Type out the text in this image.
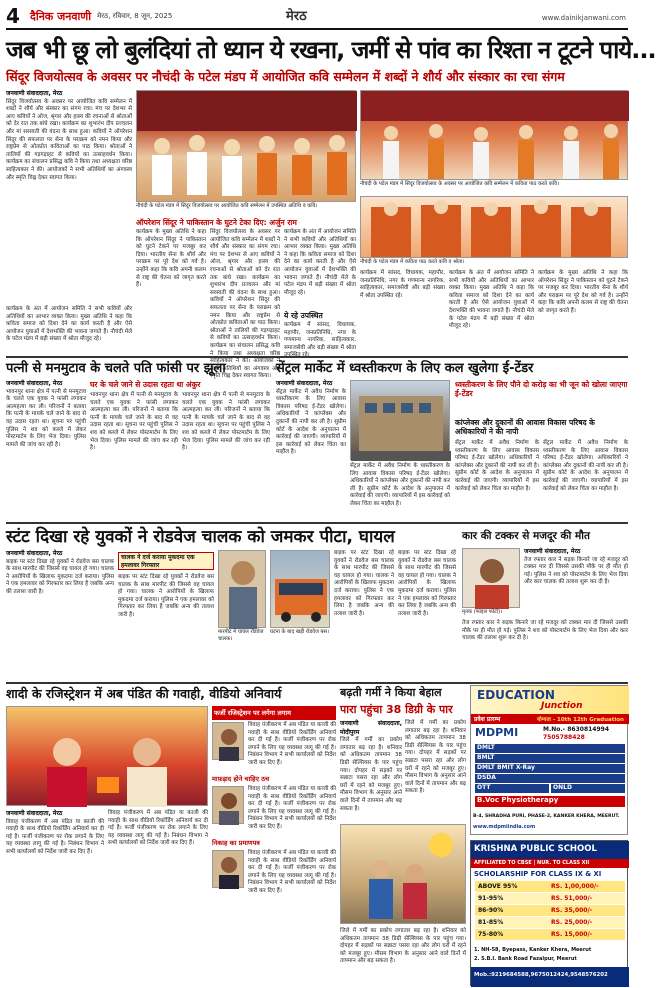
4 दैनिक जनवाणी मेरठ, रविवार, 8 जून, 2025	मेरठ	www.dainikjanwani.com
जब भी छू लो बुलंदियां तो ध्यान ये रखना, जमीं से पांव का रिश्ता न टूटने पाये...
सिंदूर विजयोत्सव के अवसर पर नौचंदी के पटेल मंडप में आयोजित कवि सम्मेलन में शब्दों ने शौर्य और संस्कार का रचा संगम
जनवाणी संवाददाता, मेरठ
सिंदूर विजयोत्सव के अवसर पर आयोजित कवि सम्मेलन में शब्दों ने शौर्य और संस्कार का संगम रचा। मंच पर देशभर से आए कवियों ने ओज, श्रृंगार और हास्य की रचनाओं से श्रोताओं को देर रात तक बांधे रखा। कार्यक्रम का शुभारंभ दीप प्रज्वलन और मां सरस्वती की वंदना के साथ हुआ। कवियों ने ऑपरेशन सिंदूर की सफलता पर सेना के पराक्रम को नमन किया और राष्ट्रप्रेम से ओतप्रोत कविताओं का पाठ किया। श्रोताओं ने तालियों की गड़गड़ाहट से कवियों का उत्साहवर्धन किया। कार्यक्रम का संचालन प्रसिद्ध कवि ने किया तथा अध्यक्षता वरिष्ठ साहित्यकार ने की। आयोजकों ने सभी अतिथियों का अंगवस्त्र और स्मृति चिह्न देकर स्वागत किया।
कार्यक्रम के अंत में आयोजन समिति ने सभी कवियों और अतिथियों का आभार व्यक्त किया। मुख्य अतिथि ने कहा कि कविता समाज को दिशा देने का कार्य करती है और ऐसे आयोजन युवाओं में देशभक्ति की भावना जगाते हैं। नौचंदी मेले के पटेल मंडप में बड़ी संख्या में श्रोता मौजूद रहे।
नौचंदी के पटेल मंडप में सिंदूर विजयोत्सव पर आयोजित कवि सम्मेलन में उपस्थित अतिथि व कवि।
नौचंदी के पटेल मंडप में सिंदूर विजयोत्सव के अवसर पर आयोजित कवि सम्मेलन में कविता पाठ करते कवि।
ऑपरेशन सिंदूर ने पाकिस्तान के घुटने टेका दिए: अर्जुन राम
कार्यक्रम के मुख्य अतिथि ने कहा कि ऑपरेशन सिंदूर ने पाकिस्तान को घुटने टेकने पर मजबूर कर दिया। भारतीय सेना के शौर्य और पराक्रम पर पूरे देश को गर्व है। उन्होंने कहा कि कवि अपनी कलम से राष्ट्र की चेतना को जागृत करते हैं।
सिंदूर विजयोत्सव के अवसर पर आयोजित कवि सम्मेलन में शब्दों ने शौर्य और संस्कार का संगम रचा। मंच पर देशभर से आए कवियों ने ओज, श्रृंगार और हास्य की रचनाओं से श्रोताओं को देर रात तक बांधे रखा। कार्यक्रम का शुभारंभ दीप प्रज्वलन और मां सरस्वती की वंदना के साथ हुआ। कवियों ने ऑपरेशन सिंदूर की सफलता पर सेना के पराक्रम को नमन किया और राष्ट्रप्रेम से ओतप्रोत कविताओं का पाठ किया। श्रोताओं ने तालियों की गड़गड़ाहट से कवियों का उत्साहवर्धन किया। कार्यक्रम का संचालन प्रसिद्ध कवि ने किया तथा अध्यक्षता वरिष्ठ साहित्यकार ने की। आयोजकों ने सभी अतिथियों का अंगवस्त्र और स्मृति चिह्न देकर स्वागत किया।
कार्यक्रम के अंत में आयोजन समिति ने सभी कवियों और अतिथियों का आभार व्यक्त किया। मुख्य अतिथि ने कहा कि कविता समाज को दिशा देने का कार्य करती है और ऐसे आयोजन युवाओं में देशभक्ति की भावना जगाते हैं। नौचंदी मेले के पटेल मंडप में बड़ी संख्या में श्रोता मौजूद रहे।
ये रहे उपस्थित
कार्यक्रम में सांसद, विधायक, महापौर, जनप्रतिनिधि, नगर के गणमान्य नागरिक, साहित्यकार, समाजसेवी और बड़ी संख्या में श्रोता
नौचंदी के पटेल मंडप में कविता पाठ करते कवि व श्रोता।
कार्यक्रम में सांसद, विधायक, महापौर, जनप्रतिनिधि, नगर के गणमान्य नागरिक, साहित्यकार, समाजसेवी और बड़ी संख्या में श्रोता उपस्थित रहे।
कार्यक्रम के अंत में आयोजन समिति ने सभी कवियों और अतिथियों का आभार व्यक्त किया। मुख्य अतिथि ने कहा कि कविता समाज को दिशा देने का कार्य करती है और ऐसे आयोजन युवाओं में देशभक्ति की भावना जगाते हैं। नौचंदी मेले के पटेल मंडप में बड़ी संख्या में श्रोता मौजूद रहे।
कार्यक्रम के मुख्य अतिथि ने कहा कि ऑपरेशन सिंदूर ने पाकिस्तान को घुटने टेकने पर मजबूर कर दिया। भारतीय सेना के शौर्य और पराक्रम पर पूरे देश को गर्व है। उन्होंने कहा कि कवि अपनी कलम से राष्ट्र की चेतना को जागृत करते हैं।
पत्नी से मनमुटाव के चलते पति फांसी पर झूला
घर के चले जाने से उदास रहता था अंकुर
जनवाणी संवाददाता, मेरठ
भावनपुर थाना क्षेत्र में पत्नी से मनमुटाव के चलते एक युवक ने फांसी लगाकर आत्महत्या कर ली। परिजनों ने बताया कि पत्नी के मायके चले जाने के बाद से वह उदास रहता था। सूचना पर पहुंची पुलिस ने शव को कब्जे में लेकर पोस्टमार्टम के लिए भेज दिया। पुलिस मामले की जांच कर रही है।
भावनपुर थाना क्षेत्र में पत्नी से मनमुटाव के चलते एक युवक ने फांसी लगाकर आत्महत्या कर ली। परिजनों ने बताया कि पत्नी के मायके चले जाने के बाद से वह उदास रहता था। सूचना पर पहुंची पुलिस ने शव को कब्जे में लेकर पोस्टमार्टम के लिए भेज दिया। पुलिस मामले की जांच कर रही है।
भावनपुर थाना क्षेत्र में पत्नी से मनमुटाव के चलते एक युवक ने फांसी लगाकर आत्महत्या कर ली। परिजनों ने बताया कि पत्नी के मायके चले जाने के बाद से वह उदास रहता था। सूचना पर पहुंची पुलिस ने शव को कब्जे में लेकर पोस्टमार्टम के लिए भेज दिया। पुलिस मामले की जांच कर रही है।
सेंट्रल मार्केट में ध्वस्तीकरण के लिए कल खुलेगा ई-टेंडर
जनवाणी संवाददाता, मेरठ
सेंट्रल मार्केट में अवैध निर्माण के ध्वस्तीकरण के लिए आवास विकास परिषद ई-टेंडर खोलेगा। अधिकारियों ने कांप्लेक्स और दुकानों की नापी कर ली है। सुप्रीम कोर्ट के आदेश के अनुपालन में कार्रवाई की जाएगी। व्यापारियों में इस कार्रवाई को लेकर चिंता का माहौल है।
सेंट्रल मार्केट में अवैध निर्माण के ध्वस्तीकरण के लिए आवास विकास परिषद ई-टेंडर खोलेगा। अधिकारियों ने कांप्लेक्स और दुकानों की नापी कर ली है। सुप्रीम कोर्ट के आदेश के अनुपालन में कार्रवाई की जाएगी। व्यापारियों में इस कार्रवाई को लेकर चिंता का माहौल है।
ध्वस्तीकरण के लिए पौने दो करोड़ का भी जून को खोला जाएगा ई-टेंडर
कांप्लेक्स और दुकानों की आवास विकास परिषद के अधिकारियों ने की नापी
सेंट्रल मार्केट में अवैध निर्माण के ध्वस्तीकरण के लिए आवास विकास परिषद ई-टेंडर खोलेगा। अधिकारियों ने कांप्लेक्स और दुकानों की नापी कर ली है। सुप्रीम कोर्ट के आदेश के अनुपालन में कार्रवाई की जाएगी। व्यापारियों में इस कार्रवाई को लेकर चिंता का माहौल है।
सेंट्रल मार्केट में अवैध निर्माण के ध्वस्तीकरण के लिए आवास विकास परिषद ई-टेंडर खोलेगा। अधिकारियों ने कांप्लेक्स और दुकानों की नापी कर ली है। सुप्रीम कोर्ट के आदेश के अनुपालन में कार्रवाई की जाएगी। व्यापारियों में इस कार्रवाई को लेकर चिंता का माहौल है।
स्टंट दिखा रहे युवकों ने रोडवेज चालक को जमकर पीटा, घायल
जनवाणी संवाददाता, मेरठ
बाइक पर स्टंट दिखा रहे युवकों ने रोडवेज बस चालक के साथ मारपीट की जिससे वह घायल हो गया। चालक ने आरोपियों के खिलाफ मुकदमा दर्ज कराया। पुलिस ने एक हमलावर को गिरफ्तार कर लिया है जबकि अन्य की तलाश जारी है।
चालक ने दर्ज कराया मुकदमा एक हमलावर गिरफ्तार
बाइक पर स्टंट दिखा रहे युवकों ने रोडवेज बस चालक के साथ मारपीट की जिससे वह घायल हो गया। चालक ने आरोपियों के खिलाफ मुकदमा दर्ज कराया। पुलिस ने एक हमलावर को गिरफ्तार कर लिया है जबकि अन्य की तलाश जारी है।
मारपीट में घायल रोडवेज चालक।
घटना के बाद खड़ी रोडवेज बस।
बाइक पर स्टंट दिखा रहे युवकों ने रोडवेज बस चालक के साथ मारपीट की जिससे वह घायल हो गया। चालक ने आरोपियों के खिलाफ मुकदमा दर्ज कराया। पुलिस ने एक हमलावर को गिरफ्तार कर लिया है जबकि अन्य की तलाश जारी है।
बाइक पर स्टंट दिखा रहे युवकों ने रोडवेज बस चालक के साथ मारपीट की जिससे वह घायल हो गया। चालक ने आरोपियों के खिलाफ मुकदमा दर्ज कराया। पुलिस ने एक हमलावर को गिरफ्तार कर लिया है जबकि अन्य की तलाश जारी है।
कार की टक्कर से मजदूर की मौत
मृतक (फाइल फोटो)।
जनवाणी संवाददाता, मेरठ
तेज रफ्तार कार ने सड़क किनारे जा रहे मजदूर को टक्कर मार दी जिससे उसकी मौके पर ही मौत हो गई। पुलिस ने शव को पोस्टमार्टम के लिए भेज दिया और कार चालक की तलाश शुरू कर दी है।
तेज रफ्तार कार ने सड़क किनारे जा रहे मजदूर को टक्कर मार दी जिससे उसकी मौके पर ही मौत हो गई। पुलिस ने शव को पोस्टमार्टम के लिए भेज दिया और कार चालक की तलाश शुरू कर दी है।
शादी के रजिस्ट्रेशन में अब पंडित की गवाही, वीडियो अनिवार्य
जनवाणी संवाददाता, मेरठ
विवाह पंजीकरण में अब पंडित या काजी की गवाही के साथ वीडियो रिकॉर्डिंग अनिवार्य कर दी गई है। फर्जी पंजीकरण पर रोक लगाने के लिए यह व्यवस्था लागू की गई है। निबंधन विभाग ने सभी कार्यालयों को निर्देश जारी कर दिए हैं।
विवाह पंजीकरण में अब पंडित या काजी की गवाही के साथ वीडियो रिकॉर्डिंग अनिवार्य कर दी गई है। फर्जी पंजीकरण पर रोक लगाने के लिए यह व्यवस्था लागू की गई है। निबंधन विभाग ने सभी कार्यालयों को निर्देश जारी कर दिए हैं।
फर्जी रजिस्ट्रेशन पर लगेगा लगाम
विवाह पंजीकरण में अब पंडित या काजी की गवाही के साथ वीडियो रिकॉर्डिंग अनिवार्य कर दी गई है। फर्जी पंजीकरण पर रोक लगाने के लिए यह व्यवस्था लागू की गई है। निबंधन विभाग ने सभी कार्यालयों को निर्देश जारी कर दिए हैं।
माफ़ड़ाद होने चाहिए ठच
विवाह पंजीकरण में अब पंडित या काजी की गवाही के साथ वीडियो रिकॉर्डिंग अनिवार्य कर दी गई है। फर्जी पंजीकरण पर रोक लगाने के लिए यह व्यवस्था लागू की गई है। निबंधन विभाग ने सभी कार्यालयों को निर्देश जारी कर दिए हैं।
निकाह का प्रमाणपत्र
विवाह पंजीकरण में अब पंडित या काजी की गवाही के साथ वीडियो रिकॉर्डिंग अनिवार्य कर दी गई है। फर्जी पंजीकरण पर रोक लगाने के लिए यह व्यवस्था लागू की गई है। निबंधन विभाग ने सभी कार्यालयों को निर्देश जारी कर दिए हैं।
बढ़ती गर्मी ने किया बेहाल
पारा पहुंचा 38 डिग्री के पार
जनवाणी संवाददाता, मोदीपुरम
जिले में गर्मी का प्रकोप लगातार बढ़ रहा है। शनिवार को अधिकतम तापमान 38 डिग्री सेल्सियस के पार पहुंच गया। दोपहर में सड़कों पर सन्नाटा पसरा रहा और लोग घरों में रहने को मजबूर हुए। मौसम विभाग के अनुसार आने वाले दिनों में तापमान और बढ़ सकता है।
जिले में गर्मी का प्रकोप लगातार बढ़ रहा है। शनिवार को अधिकतम तापमान 38 डिग्री सेल्सियस के पार पहुंच गया। दोपहर में सड़कों पर सन्नाटा पसरा रहा और लोग घरों में रहने को मजबूर हुए। मौसम विभाग के अनुसार आने वाले दिनों में तापमान और बढ़ सकता है।
जिले में गर्मी का प्रकोप लगातार बढ़ रहा है। शनिवार को अधिकतम तापमान 38 डिग्री सेल्सियस के पार पहुंच गया। दोपहर में सड़कों पर सन्नाटा पसरा रहा और लोग घरों में रहने को मजबूर हुए। मौसम विभाग के अनुसार आने वाले दिनों में तापमान और बढ़ सकता है।
EDUCATION
Junction
प्रवेश प्रारम्भ	योग्यता - 10th 12th Graduation
MDPMI	M.No.- 8630814994
7505788428
DMLT
BMLT
DMLT BMIT X-Ray
DSDA
OTT	ONLD
B.Voc Physiotherapy
B-4, SHRADHA PURI, PHASE-2, KANKER KHERA, MEERUT.
www.mdpmiindia.com
KRISHNA PUBLIC SCHOOL
AFFILIATED TO CBSE | NUR. TO CLASS XII
SCHOLARSHIP FOR CLASS IX & XI
ABOVE 95%	RS. 1,00,000/-
91-95%	RS. 51,000/-
86-90%	RS. 35,000/-
81-85%	RS. 25,000/-
75-80%	RS. 15,000/-
1. NH-58, Byepass, Kanker Khera, Meerut
2. S.B.I. Bank Road Fazalpur, Meerut
Mob.:9219684588,9675012424,9548576202
